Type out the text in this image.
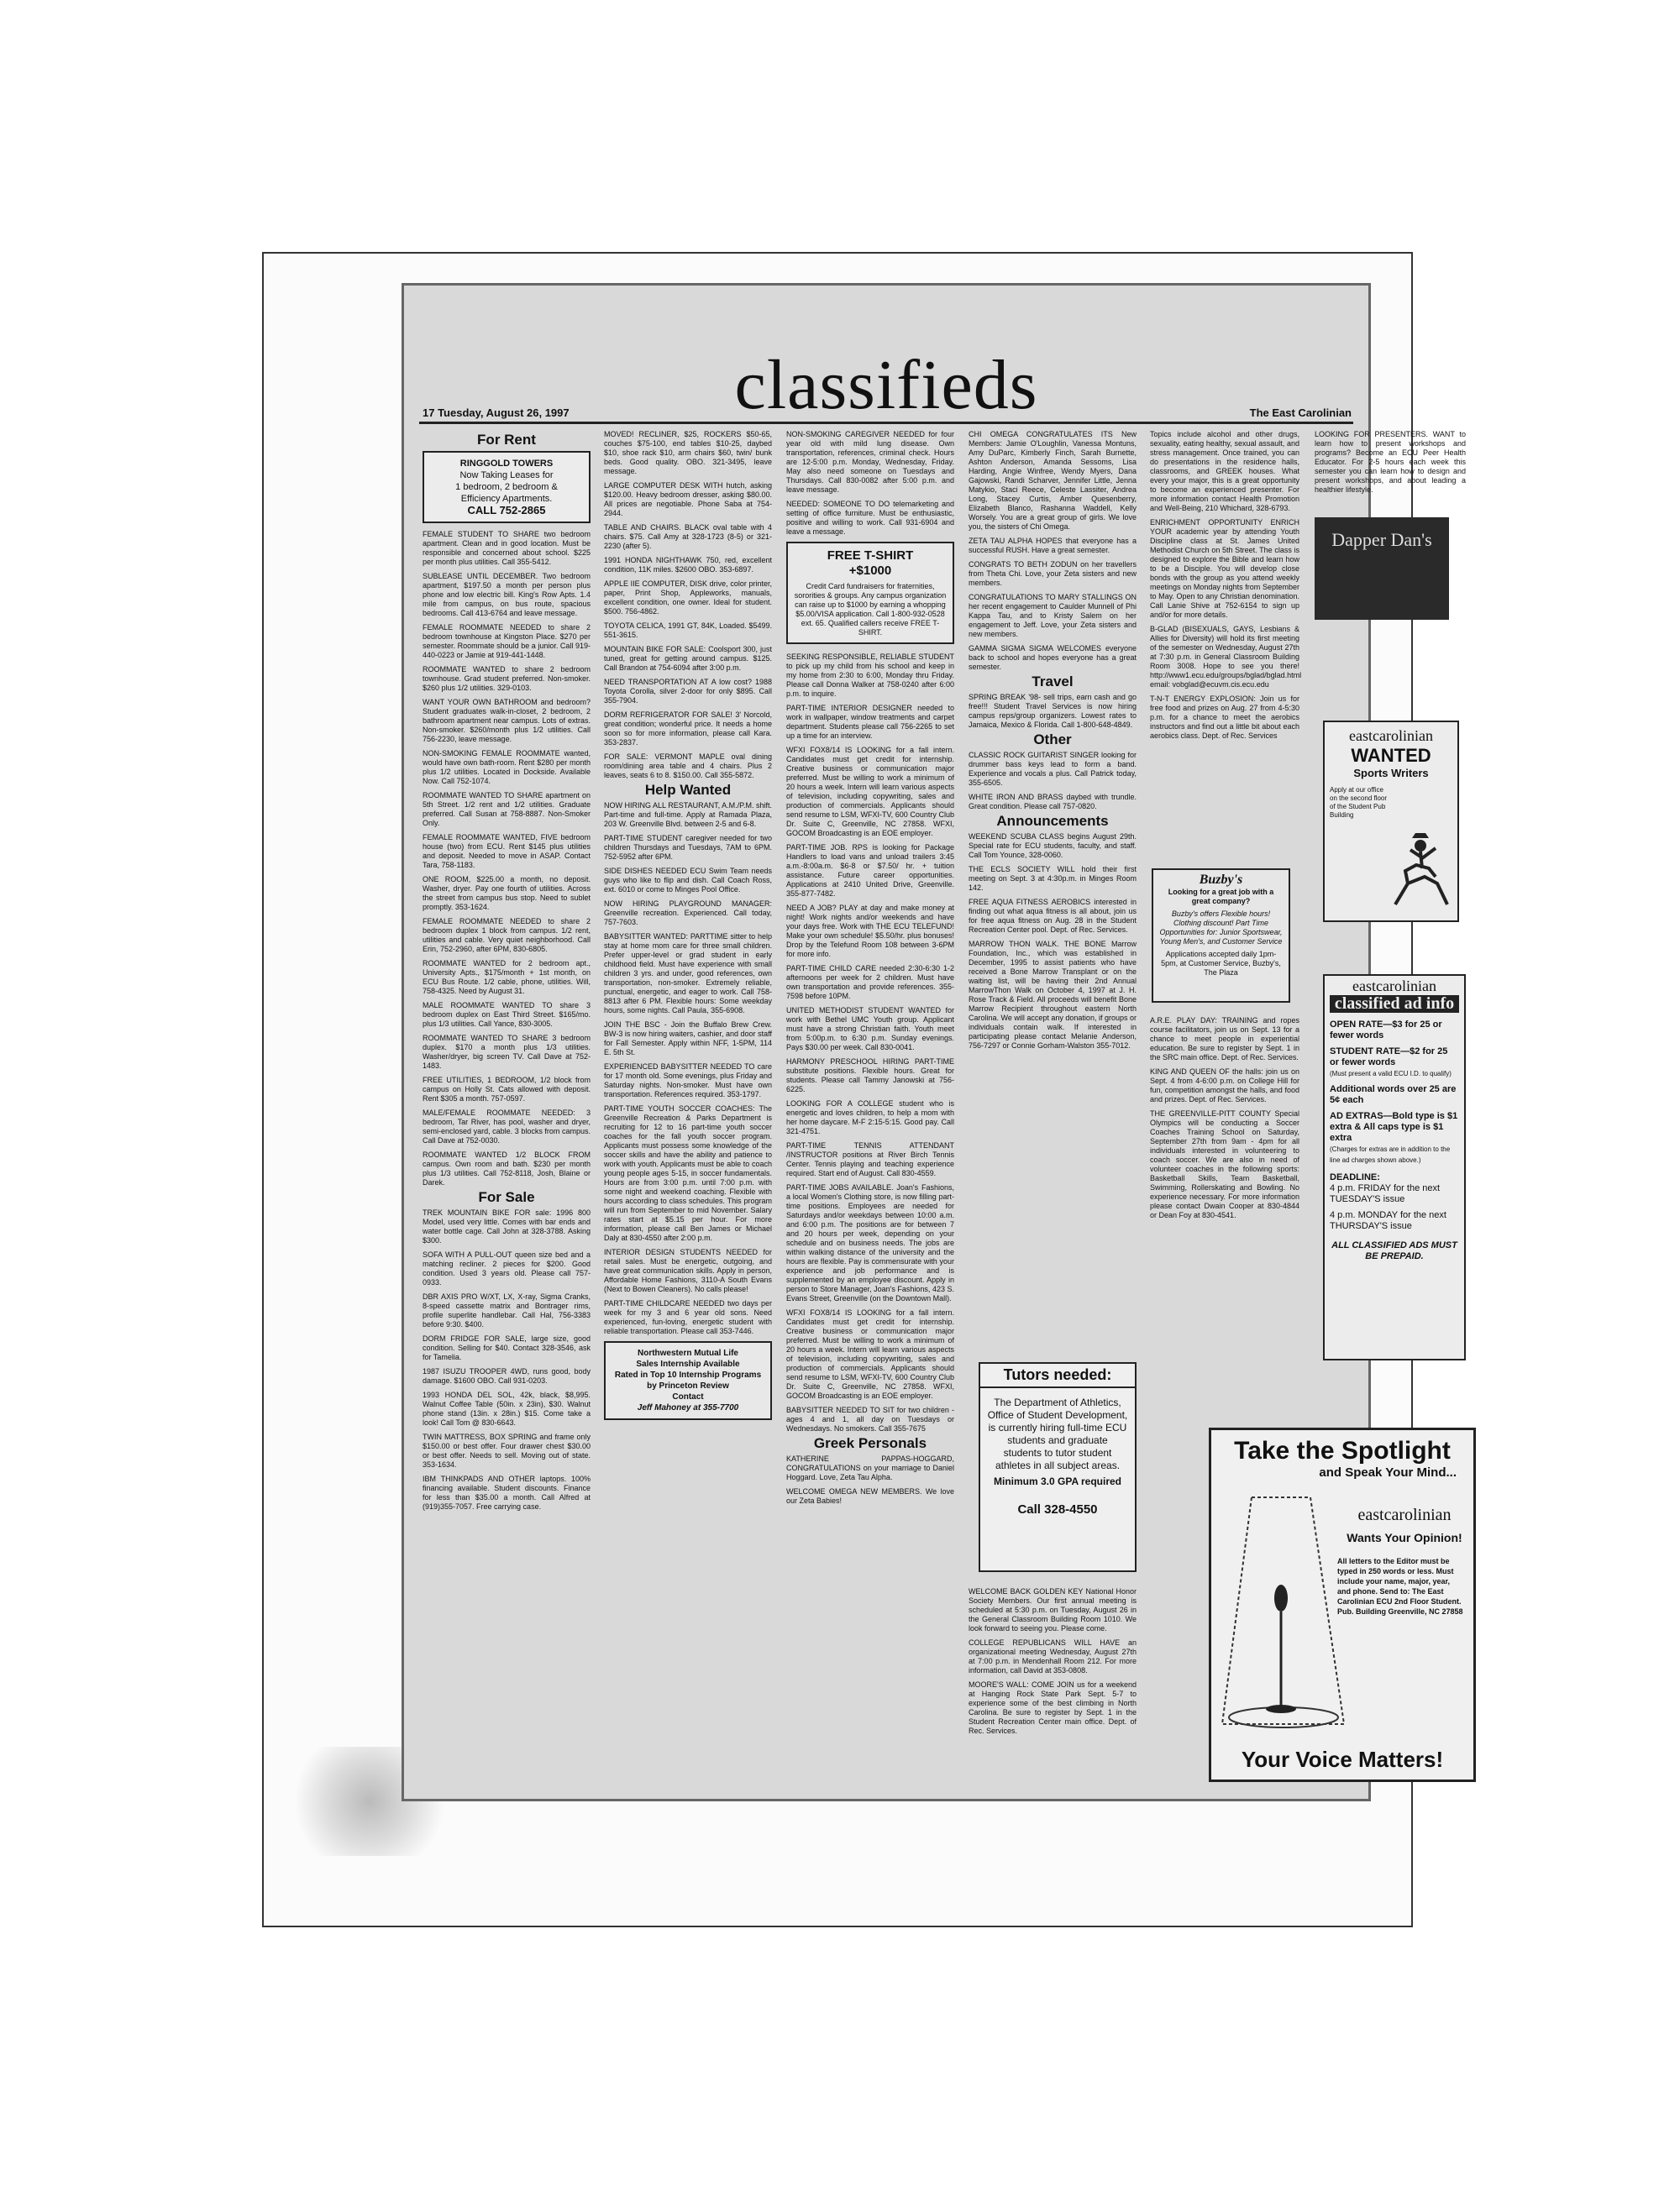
classifieds
17 Tuesday, August 26, 1997	The East Carolinian
For Rent
RINGGOLD TOWERS
Now Taking Leases for
1 bedroom, 2 bedroom &
Efficiency Apartments.
CALL 752-2865

FEMALE STUDENT TO SHARE two bedroom apartment. Clean and in good location. Must be responsible and concerned about school. $225 per month plus utilities. Call 355-5412.

SUBLEASE UNTIL DECEMBER. Two bedroom apartment, $197.50 a month per person plus phone and low electric bill. King's Row Apts. 1.4 mile from campus, on bus route, spacious bedrooms. Call 413-6764 and leave message.

FEMALE ROOMMATE NEEDED to share 2 bedroom townhouse at Kingston Place. $270 per semester. Roommate should be a junior. Call 919-440-0223 or Jamie at 919-441-1448.

ROOMMATE WANTED to share 2 bedroom townhouse. Grad student preferred. Non-smoker. $260 plus 1/2 utilities. 329-0103.

WANT YOUR OWN BATHROOM and bedroom? Student graduates walk-in-closet, 2 bedroom, 2 bathroom apartment near campus. Lots of extras. Non-smoker. $260/month plus 1/2 utilities. Call 756-2230, leave message.

NON-SMOKING FEMALE ROOMMATE wanted, would have own bath-room. Rent $280 per month plus 1/2 utilities. Located in Dockside. Available Now. Call 752-1074.

ROOMMATE WANTED TO SHARE apartment on 5th Street. 1/2 rent and 1/2 utilities. Graduate preferred. Call Susan at 758-8887. Non-Smoker Only.

FEMALE ROOMMATE WANTED, FIVE bedroom house (two) from ECU. Rent $145 plus utilities and deposit. Needed to move in ASAP. Contact Tara, 758-1183.

ONE ROOM, $225.00 a month, no deposit. Washer, dryer. Pay one fourth of utilities. Across the street from campus bus stop. Need to sublet promptly. 353-1624.

FEMALE ROOMMATE NEEDED to share 2 bedroom duplex 1 block from campus. 1/2 rent, utilities and cable. Very quiet neighborhood. Call Erin, 752-2960, after 6PM, 830-6805.

ROOMMATE WANTED for 2 bedroom apt., University Apts., $175/month + 1st month, on ECU Bus Route. 1/2 cable, phone, utilities. Will, 758-4325. Need by August 31.

MALE ROOMMATE WANTED TO share 3 bedroom duplex on East Third Street. $165/mo. plus 1/3 utilities. Call Yance, 830-3005.

ROOMMATE WANTED TO SHARE 3 bedroom duplex. $170 a month plus 1/3 utilities. Washer/dryer, big screen TV. Call Dave at 752-1483.

FREE UTILITIES, 1 BEDROOM, 1/2 block from campus on Holly St. Cats allowed with deposit. Rent $305 a month. 757-0597.

MALE/FEMALE ROOMMATE NEEDED: 3 bedroom, Tar River, has pool, washer and dryer, semi-enclosed yard, cable. 3 blocks from campus. Call Dave at 752-0030.

ROOMMATE WANTED 1/2 BLOCK FROM campus. Own room and bath. $230 per month plus 1/3 utilities. Call 752-8118, Josh, Blaine or Darek.

For Sale

TREK MOUNTAIN BIKE FOR sale: 1996 800 Model, used very little. Comes with bar ends and water bottle cage. Call John at 328-3788. Asking $300.

SOFA WITH A PULL-OUT queen size bed and a matching recliner. 2 pieces for $200. Good condition. Used 3 years old. Please call 757-0933.

DBR AXIS PRO W/XT, LX, X-ray, Sigma Cranks, 8-speed cassette matrix and Bontrager rims, profile superlite handlebar. Call Hal, 756-3383 before 9:30. $400.

DORM FRIDGE FOR SALE, large size, good condition. Selling for $40. Contact 328-3546, ask for Tamelia.

1987 ISUZU TROOPER 4WD, runs good, body damage. $1600 OBO. Call 931-0203.

1993 HONDA DEL SOL, 42k, black, $8,995. Walnut Coffee Table (50in. x 23in), $30. Walnut phone stand (13in. x 28in.) $15. Come take a look! Call Tom @ 830-6643.

TWIN MATTRESS, BOX SPRING and frame only $150.00 or best offer. Four drawer chest $30.00 or best offer. Needs to sell. Moving out of state. 353-1634.

IBM THINKPADS AND OTHER laptops. 100% financing available. Student discounts. Finance for less than $35.00 a month. Call Alfred at (919)355-7057. Free carrying case.

MOVED! RECLINER, $25, ROCKERS $50-65, couches $75-100, end tables $10-25, daybed $10, shoe rack $10, arm chairs $60, twin/ bunk beds. Good quality. OBO. 321-3495, leave message.

LARGE COMPUTER DESK WITH hutch, asking $120.00. Heavy bedroom dresser, asking $80.00. All prices are negotiable. Phone Saba at 754-2944.

TABLE AND CHAIRS. BLACK oval table with 4 chairs. $75. Call Amy at 328-1723 (8-5) or 321-2230 (after 5).

1991 HONDA NIGHTHAWK 750, red, excellent condition, 11K miles. $2600 OBO. 353-6897.

APPLE IIE COMPUTER, DISK drive, color printer, paper, Print Shop, Appleworks, manuals, excellent condition, one owner. Ideal for student. $500. 756-4862.

TOYOTA CELICA, 1991 GT, 84K, Loaded. $5499. 551-3615.

MOUNTAIN BIKE FOR SALE: Coolsport 300, just tuned, great for getting around campus. $125. Call Brandon at 754-6094 after 3:00 p.m.

NEED TRANSPORTATION AT A low cost? 1988 Toyota Corolla, silver 2-door for only $895. Call 355-7904.

DORM REFRIGERATOR FOR SALE! 3' Norcold, great condition; wonderful price. It needs a home soon so for more information, please call Kara. 353-2837.

FOR SALE: VERMONT MAPLE oval dining room/dining area table and 4 chairs. Plus 2 leaves, seats 6 to 8. $150.00. Call 355-5872.

Help Wanted

NOW HIRING ALL RESTAURANT, A.M./P.M. shift. Part-time and full-time. Apply at Ramada Plaza, 203 W. Greenville Blvd. between 2-5 and 6-8.

PART-TIME STUDENT caregiver needed for two children Thursdays and Tuesdays, 7AM to 6PM. 752-5952 after 6PM.

SIDE DISHES NEEDED ECU Swim Team needs guys who like to flip and dish. Call Coach Ross, ext. 6010 or come to Minges Pool Office.

NOW HIRING PLAYGROUND MANAGER: Greenville recreation. Experienced. Call today, 757-7603.

BABYSITTER WANTED: PARTTIME sitter to help stay at home mom care for three small children. Prefer upper-level or grad student in early childhood field. Must have experience with small children 3 yrs. and under, good references, own transportation, non-smoker. Extremely reliable, punctual, energetic, and eager to work. Call 758-8813 after 6 PM. Flexible hours: Some weekday hours, some nights. Call Paula, 355-6908.

JOIN THE BSC - Join the Buffalo Brew Crew. BW-3 is now hiring waiters, cashier, and door staff for Fall Semester. Apply within NFF, 1-5PM, 114 E. 5th St.

EXPERIENCED BABYSITTER NEEDED TO care for 17 month old. Some evenings, plus Friday and Saturday nights. Non-smoker. Must have own transportation. References required. 353-1797.

PART-TIME YOUTH SOCCER COACHES: The Greenville Recreation & Parks Department is recruiting for 12 to 16 part-time youth soccer coaches for the fall youth soccer program. Applicants must possess some knowledge of the soccer skills and have the ability and patience to work with youth. Applicants must be able to coach young people ages 5-15, in soccer fundamentals. Hours are from 3:00 p.m. until 7:00 p.m. with some night and weekend coaching. Flexible with hours according to class schedules. This program will run from September to mid November. Salary rates start at $5.15 per hour. For more information, please call Ben James or Michael Daly at 830-4550 after 2:00 p.m.

INTERIOR DESIGN STUDENTS NEEDED for retail sales. Must be energetic, outgoing, and have great communication skills. Apply in person, Affordable Home Fashions, 3110-A South Evans (Next to Bowen Cleaners). No calls please!

PART-TIME CHILDCARE NEEDED two days per week for my 3 and 6 year old sons. Need experienced, fun-loving, energetic student with reliable transportation. Please call 353-7446.

Northwestern Mutual Life
Sales Internship Available
Rated in Top 10 Internship Programs
by Princeton Review
Contact
Jeff Mahoney at 355-7700

NON-SMOKING CAREGIVER NEEDED for four year old with mild lung disease. Own transportation, references, criminal check. Hours are 12-5:00 p.m. Monday, Wednesday, Friday. May also need someone on Tuesdays and Thursdays. Call 830-0082 after 5:00 p.m. and leave message.

NEEDED: SOMEONE TO DO telemarketing and setting of office furniture. Must be enthusiastic, positive and willing to work. Call 931-6904 and leave a message.

FREE T-SHIRT
+$1000
Credit Card fundraisers for fraternities, sororities & groups. Any campus organization can raise up to $1000 by earning a whopping $5.00/VISA application. Call 1-800-932-0528 ext. 65. Qualified callers receive FREE T-SHIRT.

SEEKING RESPONSIBLE, RELIABLE STUDENT to pick up my child from his school and keep in my home from 2:30 to 6:00, Monday thru Friday. Please call Donna Walker at 758-0240 after 6:00 p.m. to inquire.

PART-TIME INTERIOR DESIGNER needed to work in wallpaper, window treatments and carpet department. Students please call 756-2265 to set up a time for an interview.

WFXI FOX8/14 IS LOOKING for a fall intern. Candidates must get credit for internship. Creative business or communication major preferred. Must be willing to work a minimum of 20 hours a week. Intern will learn various aspects of television, including copywriting, sales and production of commercials. Applicants should send resume to LSM, WFXI-TV, 600 Country Club Dr. Suite C, Greenville, NC 27858. WFXI, GOCOM Broadcasting is an EOE employer.

PART-TIME JOB. RPS is looking for Package Handlers to load vans and unload trailers 3:45 a.m.-8:00a.m. $6-8 or $7.50/ hr. + tuition assistance. Future career opportunities. Applications at 2410 United Drive, Greenville. 355-877-7482.

NEED A JOB? PLAY at day and make money at night! Work nights and/or weekends and have your days free. Work with THE ECU TELEFUND! Make your own schedule! $5.50/hr. plus bonuses! Drop by the Telefund Room 108 between 3-6PM for more info.

PART-TIME CHILD CARE needed 2:30-6:30 1-2 afternoons per week for 2 children. Must have own transportation and provide references. 355-7598 before 10PM.

UNITED METHODIST STUDENT WANTED for work with Bethel UMC Youth group. Applicant must have a strong Christian faith. Youth meet from 5:00p.m. to 6:30 p.m. Sunday evenings. Pays $30.00 per week. Call 830-0041.

HARMONY PRESCHOOL HIRING PART-TIME substitute positions. Flexible hours. Great for students. Please call Tammy Janowski at 756-6225.

LOOKING FOR A COLLEGE student who is energetic and loves children, to help a mom with her home daycare. M-F 2:15-5:15. Good pay. Call 321-4751.

PART-TIME TENNIS ATTENDANT /INSTRUCTOR positions at River Birch Tennis Center. Tennis playing and teaching experience required. Start end of August. Call 830-4559.

PART-TIME JOBS AVAILABLE. Joan's Fashions, a local Women's Clothing store, is now filling part-time positions. Employees are needed for Saturdays and/or weekdays between 10:00 a.m. and 6:00 p.m. The positions are for between 7 and 20 hours per week, depending on your schedule and on business needs. The jobs are within walking distance of the university and the hours are flexible. Pay is commensurate with your experience and job performance and is supplemented by an employee discount. Apply in person to Store Manager, Joan's Fashions, 423 S. Evans Street, Greenville (on the Downtown Mall).

WFXI FOX8/14 IS LOOKING for a fall intern. Candidates must get credit for internship. Creative business or communication major preferred. Must be willing to work a minimum of 20 hours a week. Intern will learn various aspects of television, including copywriting, sales and production of commercials. Applicants should send resume to LSM, WFXI-TV, 600 Country Club Dr. Suite C, Greenville, NC 27858. WFXI, GOCOM Broadcasting is an EOE employer.

BABYSITTER NEEDED TO SIT for two children - ages 4 and 1, all day on Tuesdays or Wednesdays. No smokers. Call 355-7675

Greek Personals

KATHERINE PAPPAS-HOGGARD, CONGRATULATIONS on your marriage to Daniel Hoggard. Love, Zeta Tau Alpha.

WELCOME OMEGA NEW MEMBERS. We love our Zeta Babies!

CHI OMEGA CONGRATULATES ITS New Members: Jamie O'Loughlin, Vanessa Montuns, Amy DuParc, Kimberly Finch, Sarah Burnette, Ashton Anderson, Amanda Sessoms, Lisa Harding, Angie Winfree, Wendy Myers, Dana Gajowski, Randi Scharver, Jennifer Little, Jenna Matykio, Staci Reece, Celeste Lassiter, Andrea Long, Stacey Curtis, Amber Quesenberry, Elizabeth Blanco, Rashanna Waddell, Kelly Worsely. You are a great group of girls. We love you, the sisters of Chi Omega.

ZETA TAU ALPHA HOPES that everyone has a successful RUSH. Have a great semester.

CONGRATS TO BETH ZODUN on her travellers from Theta Chi. Love, your Zeta sisters and new members.

CONGRATULATIONS TO MARY STALLINGS ON her recent engagement to Caulder Munnell of Phi Kappa Tau, and to Kristy Salem on her engagement to Jeff. Love, your Zeta sisters and new members.

GAMMA SIGMA SIGMA WELCOMES everyone back to school and hopes everyone has a great semester.

Travel

SPRING BREAK '98- sell trips, earn cash and go free!!! Student Travel Services is now hiring campus reps/group organizers. Lowest rates to Jamaica, Mexico & Florida. Call 1-800-648-4849.

Other

CLASSIC ROCK GUITARIST SINGER looking for drummer bass keys lead to form a band. Experience and vocals a plus. Call Patrick today, 355-6505.

WHITE IRON AND BRASS daybed with trundle. Great condition. Please call 757-0820.

Announcements

WEEKEND SCUBA CLASS begins August 29th. Special rate for ECU students, faculty, and staff. Call Tom Younce, 328-0060.

THE ECLS SOCIETY WILL hold their first meeting on Sept. 3 at 4:30p.m. in Minges Room 142.

FREE AQUA FITNESS AEROBICS interested in finding out what aqua fitness is all about, join us for free aqua fitness on Aug. 28 in the Student Recreation Center pool. Dept. of Rec. Services.

MARROW THON WALK. THE BONE Marrow Foundation, Inc., which was established in December, 1995 to assist patients who have received a Bone Marrow Transplant or on the waiting list, will be having their 2nd Annual MarrowThon Walk on October 4, 1997 at J. H. Rose Track & Field. All proceeds will benefit Bone Marrow Recipient throughout eastern North Carolina. We will accept any donation, if groups or individuals contain walk. If interested in participating please contact Melanie Anderson, 756-7297 or Connie Gorham-Walston 355-7012.

Tutors needed:
The Department of Athletics, Office of Student Development, is currently hiring full-time ECU students and graduate students to tutor student athletes in all subject areas.
Minimum 3.0 GPA required
Call 328-4550

WELCOME BACK GOLDEN KEY National Honor Society Members. Our first annual meeting is scheduled at 5:30 p.m. on Tuesday, August 26 in the General Classroom Building Room 1010. We look forward to seeing you. Please come.

COLLEGE REPUBLICANS WILL HAVE an organizational meeting Wednesday, August 27th at 7:00 p.m. in Mendenhall Room 212. For more information, call David at 353-0808.

MOORE'S WALL: COME JOIN us for a weekend at Hanging Rock State Park Sept. 5-7 to experience some of the best climbing in North Carolina. Be sure to register by Sept. 1 in the Student Recreation Center main office. Dept. of Rec. Services.

Topics include alcohol and other drugs, sexuality, eating healthy, sexual assault, and stress management. Once trained, you can do presentations in the residence halls, classrooms, and GREEK houses. What every your major, this is a great opportunity to become an experienced presenter. For more information contact Health Promotion and Well-Being, 210 Whichard, 328-6793.

ENRICHMENT OPPORTUNITY ENRICH YOUR academic year by attending Youth Discipline class at St. James United Methodist Church on 5th Street. The class is designed to explore the Bible and learn how to be a Disciple. You will develop close bonds with the group as you attend weekly meetings on Monday nights from September to May. Open to any Christian denomination. Call Lanie Shive at 752-6154 to sign up and/or for more details.

B-GLAD (BISEXUALS, GAYS, Lesbians & Allies for Diversity) will hold its first meeting of the semester on Wednesday, August 27th at 7:30 p.m. in General Classroom Building Room 3008. Hope to see you there! http://www1.ecu.edu/groups/bglad/bglad.html email: vobglad@ecuvm.cis.ecu.edu

T-N-T ENERGY EXPLOSION: Join us for free food and prizes on Aug. 27 from 4-5:30 p.m. for a chance to meet the aerobics instructors and find out a little bit about each aerobics class. Dept. of Rec. Services

Buzby's
Looking for a great job with a great company?
Buzby's offers Flexible hours! Clothing discount! Part Time Opportunities for: Junior Sportswear, Young Men's, and Customer Service
Applications accepted daily 1pm-5pm, at Customer Service, Buzby's, The Plaza

A.R.E. PLAY DAY: TRAINING and ropes course facilitators, join us on Sept. 13 for a chance to meet people in experiential education. Be sure to register by Sept. 1 in the SRC main office. Dept. of Rec. Services.

KING AND QUEEN OF the halls: join us on Sept. 4 from 4-6:00 p.m. on College Hill for fun, competition amongst the halls, and food and prizes. Dept. of Rec. Services.

THE GREENVILLE-PITT COUNTY Special Olympics will be conducting a Soccer Coaches Training School on Saturday, September 27th from 9am - 4pm for all individuals interested in volunteering to coach soccer. We are also in need of volunteer coaches in the following sports: Basketball Skills, Team Basketball, Swimming, Rollerskating and Bowling. No experience necessary. For more information please contact Dwain Cooper at 830-4844 or Dean Foy at 830-4541.

LOOKING FOR PRESENTERS. WANT to learn how to present workshops and programs? Become an ECU Peer Health Educator. For 2-5 hours each week this semester you can learn how to design and present workshops, and about leading a healthier lifestyle.

Dapper Dan's
eastcarolinian
WANTED
Sports Writers
Apply at our office on the second floor of the Student Pub Building
eastcarolinian
classified ad info
OPEN RATE—$3 for 25 or fewer words
STUDENT RATE—$2 for 25 or fewer words
(Must present a valid ECU I.D. to qualify)
Additional words over 25 are 5¢ each
AD EXTRAS—Bold type is $1 extra & All caps type is $1 extra
(Charges for extras are in addition to the line ad charges shown above.)
DEADLINE:
4 p.m. FRIDAY for the next TUESDAY'S issue
4 p.m. MONDAY for the next THURSDAY'S issue
ALL CLASSIFIED ADS MUST BE PREPAID.
Take the Spotlight
and Speak Your Mind...
eastcarolinian
Wants Your Opinion!
All letters to the Editor must be typed in 250 words or less. Must include your name, major, year, and phone. Send to: The East Carolinian ECU 2nd Floor Student. Pub. Building Greenville, NC 27858
Your Voice Matters!
